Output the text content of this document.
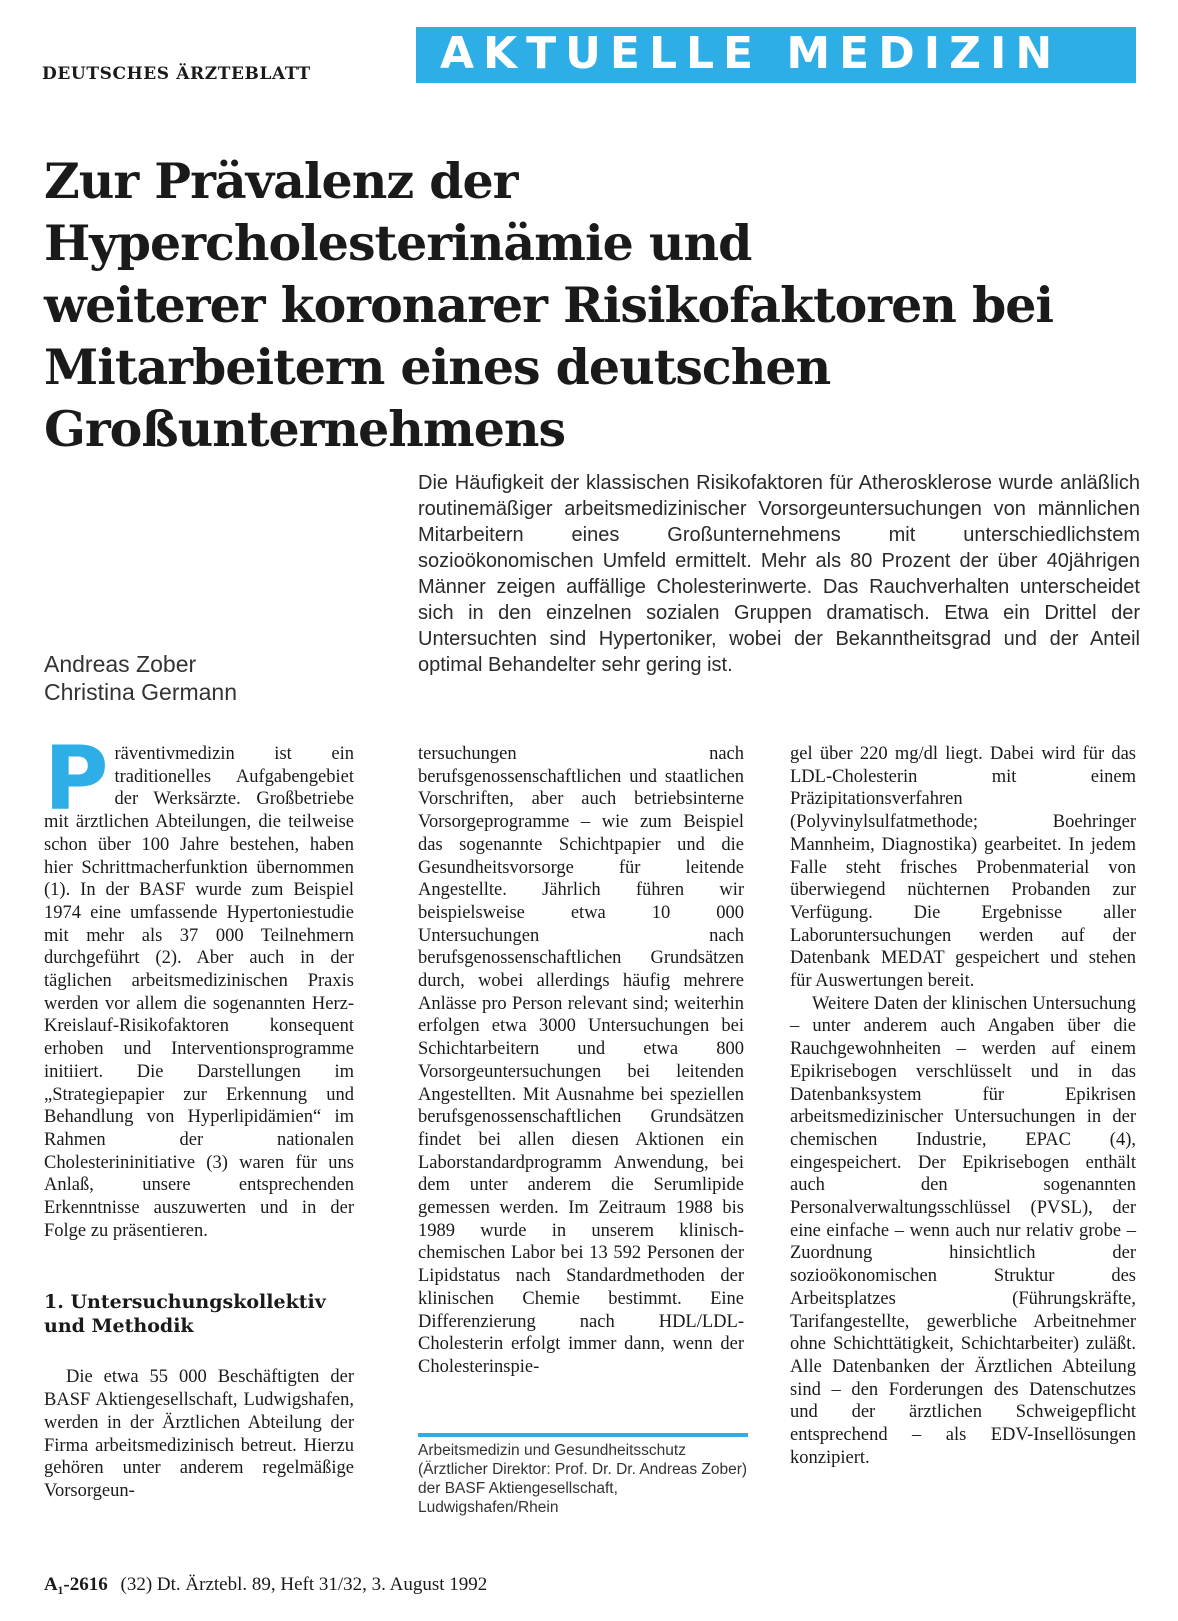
DEUTSCHES ÄRZTEBLATT	AKTUELLE MEDIZIN
Zur Prävalenz der
Hypercholesterinämie und
weiterer koronarer Risikofaktoren bei
Mitarbeitern eines deutschen
Großunternehmens

Die Häufigkeit der klassischen Risikofaktoren für Atherosklerose wurde anläßlich routinemäßiger arbeitsmedizinischer Vorsorgeuntersuchungen von männlichen Mitarbeitern eines Großunternehmens mit unterschiedlichstem sozioökonomischen Umfeld ermittelt. Mehr als 80 Prozent der über 40jährigen Männer zeigen auffällige Cholesterinwerte. Das Rauchverhalten unterscheidet sich in den einzelnen sozialen Gruppen dramatisch. Etwa ein Drittel der Untersuchten sind Hypertoniker, wobei der Bekanntheitsgrad und der Anteil optimal Behandelter sehr gering ist.

Andreas Zober
Christina Germann

Präventivmedizin ist ein traditionelles Aufgabengebiet der Werksärzte. Großbetriebe mit ärztlichen Abteilungen, die teilweise schon über 100 Jahre bestehen, haben hier Schrittmacherfunktion übernommen (1). In der BASF wurde zum Beispiel 1974 eine umfassende Hypertoniestudie mit mehr als 37 000 Teilnehmern durchgeführt (2). Aber auch in der täglichen arbeitsmedizinischen Praxis werden vor allem die sogenannten Herz-Kreislauf-Risikofaktoren konsequent erhoben und Interventionsprogramme initiiert. Die Darstellungen im „Strategiepapier zur Erkennung und Behandlung von Hyperlipidämien“ im Rahmen der nationalen Cholesterininitiative (3) waren für uns Anlaß, unsere entsprechenden Erkenntnisse auszuwerten und in der Folge zu präsentieren.

1. Untersuchungskollektiv und Methodik

Die etwa 55 000 Beschäftigten der BASF Aktiengesellschaft, Ludwigshafen, werden in der Ärztlichen Abteilung der Firma arbeitsmedizinisch betreut. Hierzu gehören unter anderem regelmäßige Vorsorgeun-

tersuchungen nach berufsgenossenschaftlichen und staatlichen Vorschriften, aber auch betriebsinterne Vorsorgeprogramme – wie zum Beispiel das sogenannte Schichtpapier und die Gesundheitsvorsorge für leitende Angestellte. Jährlich führen wir beispielsweise etwa 10 000 Untersuchungen nach berufsgenossenschaftlichen Grundsätzen durch, wobei allerdings häufig mehrere Anlässe pro Person relevant sind; weiterhin erfolgen etwa 3000 Untersuchungen bei Schichtarbeitern und etwa 800 Vorsorgeuntersuchungen bei leitenden Angestellten. Mit Ausnahme bei speziellen berufsgenossenschaftlichen Grundsätzen findet bei allen diesen Aktionen ein Laborstandardprogramm Anwendung, bei dem unter anderem die Serumlipide gemessen werden. Im Zeitraum 1988 bis 1989 wurde in unserem klinisch-chemischen Labor bei 13 592 Personen der Lipidstatus nach Standardmethoden der klinischen Chemie bestimmt. Eine Differenzierung nach HDL/LDL-Cholesterin erfolgt immer dann, wenn der Cholesterinspie-

Arbeitsmedizin und Gesundheitsschutz (Ärztlicher Direktor: Prof. Dr. Dr. Andreas Zober) der BASF Aktiengesellschaft, Ludwigshafen/Rhein

gel über 220 mg/dl liegt. Dabei wird für das LDL-Cholesterin mit einem Präzipitationsverfahren (Polyvinylsulfatmethode; Boehringer Mannheim, Diagnostika) gearbeitet. In jedem Falle steht frisches Probenmaterial von überwiegend nüchternen Probanden zur Verfügung. Die Ergebnisse aller Laboruntersuchungen werden auf der Datenbank MEDAT gespeichert und stehen für Auswertungen bereit.

Weitere Daten der klinischen Untersuchung – unter anderem auch Angaben über die Rauchgewohnheiten – werden auf einem Epikrisebogen verschlüsselt und in das Datenbanksystem für Epikrisen arbeitsmedizinischer Untersuchungen in der chemischen Industrie, EPAC (4), eingespeichert. Der Epikrisebogen enthält auch den sogenannten Personalverwaltungsschlüssel (PVSL), der eine einfache – wenn auch nur relativ grobe – Zuordnung hinsichtlich der sozioökonomischen Struktur des Arbeitsplatzes (Führungskräfte, Tarifangestellte, gewerbliche Arbeitnehmer ohne Schichttätigkeit, Schichtarbeiter) zuläßt. Alle Datenbanken der Ärztlichen Abteilung sind – den Forderungen des Datenschutzes und der ärztlichen Schweigepflicht entsprechend – als EDV-Insellösungen konzipiert.

A₁-2616 (32) Dt. Ärztebl. 89, Heft 31/32, 3. August 1992
